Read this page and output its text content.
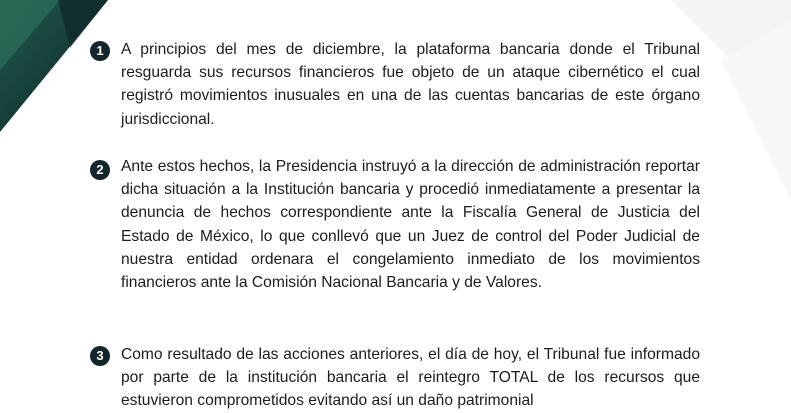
1	A principios del mes de diciembre, la plataforma bancaria donde el Tribunal resguarda sus recursos financieros fue objeto de un ataque cibernético el cual registró movimientos inusuales en una de las cuentas bancarias de este órgano jurisdiccional.

2	Ante estos hechos, la Presidencia instruyó a la dirección de administración reportar dicha situación a la Institución bancaria y procedió inmediatamente a presentar la denuncia de hechos correspondiente ante la Fiscalía General de Justicia del Estado de México, lo que conllevó que un Juez de control del Poder Judicial de nuestra entidad ordenara el congelamiento inmediato de los movimientos financieros ante la Comisión Nacional Bancaria y de Valores.

3	Como resultado de las acciones anteriores, el día de hoy, el Tribunal fue informado por parte de la institución bancaria el reintegro TOTAL de los recursos que estuvieron comprometidos evitando así un daño patrimonial
